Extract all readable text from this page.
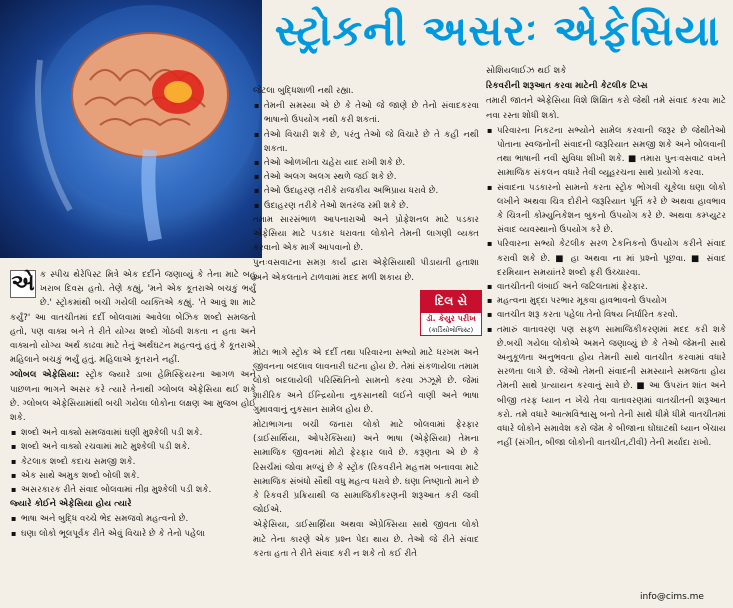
સ્ટ્રોકની અસરઃ એફેસિયા

એ ક સ્પીચ થેરેપિસ્ટ મિત્રે એક દર્દીને જણાવ્યું કે તેના માટે બહુ ખરાબ દિવસ હતો. તેણે કહ્યું, 'મને એક કૂતરાએ બચકું ભર્યું છે.' સ્ટ્રોકમાંથી બચી ગયેલી વ્યક્તિએ કહ્યું. 'તે આવું શા માટે કર્યું?' આ વાતચીતમાં દર્દી બોલવામાં આવેલા બેઝિક શબ્દો સમજતો હતો, પણ વાક્ય બને તે રીતે યોગ્ય શબ્દો ગોઠવી શકતા ન હતા અને વાક્યનો યોગ્ય અર્થ કાઢવા માટે તેનું અર્થઘટન મહત્વનું હતું કે કૂતરાએ મહિલાને બચકું ભર્યું હતું. મહિલાએ કૂતરાને નહીં.

ગ્લોબલ એફેસિયા: સ્ટ્રોક જ્યારે ડાબા હેમિસ્ફિયરના આગળ અને પાછળના ભાગને અસર કરે ત્યારે તેનાથી ગ્લોબલ એફેસિયા થઈ શકે છે. ગ્લોબલ એફેસિયામાંથી બચી ગયેલા લોકોના લક્ષણ આ મુજબ હોઈ શકે.

▪ શબ્દો અને વાક્યો સમજવામાં ઘણી મુશ્કેલી પડી શકે.
▪ શબ્દો અને વાક્યો રચવામાં માટે મુશ્કેલી પડી શકે.
▪ કેટલાક શબ્દો કદાચ સમજી શકે.
▪ એક સાથે અમુક શબ્દો બોલી શકે.
▪ અસરકારક રીતે સંવાદ બોલવામાં તીવ્ર મુશ્કેલી પડી શકે.

જ્યારે કોઈને એફેસિયા હોય ત્યારે

▪ ભાષા અને બુદ્ધિ વચ્ચે ભેદ સમજવો મહત્વનો છે.
▪ ઘણા લોકો ભૂલપૂર્વક રીતે એવું વિચારે છે કે તેનો પહેલા

જેટલા બુદ્ધિશાળી નથી રહ્યા.

▪ તેમની સમસ્યા એ છે કે તેઓ જે જાણે છે તેનો સંવાદકરવા ભાષાનો ઉપયોગ નથી કરી શકતાં.
▪ તેઓ વિચારી શકે છે, પરંતુ તેઓ જે વિચારે છે તે કહી નથી શકતા.
▪ તેઓ ઓળખીતા ચહેરા યાદ રાખી શકે છે.
▪ તેઓ અલગ અલગ સ્થળે જઈ શકે છે.
▪ તેઓ ઉદાહરણ તરીકે રાજકીય અભિપ્રાય ધરાવે છે.
▪ ઉદાહરણ તરીકે તેઓ શતરંજ રમી શકે છે.

તમામ સારસંભાળ આપનારાઓ અને પ્રોફેશનલ માટે પડકાર એફેસિયા માટે પડકાર ધરાવતા લોકોને તેમની લાગણી વ્યક્ત કરવાનો એક માર્ગ આપવાનો છે.

પુનઃવસવાટના સમગ્ર કાર્ય દ્વારા એફેસિયાથી પીડાયતી હતાશા અને એકલતાને ટાળવામાં મદદ મળી શકાય છે.

દિલ સે
ડૉ. કેયુર પરીખ
(કાર્ડિયોલોજિસ્ટ)

મોટા ભાગે સ્ટ્રોક એ દર્દી તથા પરિવારના સભ્યો માટે ધરખમ અને જીવનના બદલાવ લાવનારી ઘટના હોય છે. તેમાં સંકળાયેલા તમામ લોકો બદલાયેલી પરિસ્થિતિનો સામનો કરવા ઝઝૂમે છે. જેમાં શારીરિક અને ઈન્દ્રિયોના નુકસાનથી લઈને વાણી અને ભાષા ગુમાવવાનું નુકસાન સામેલ હોય છે.

મોટાભાગના બચી જનારા લોકો માટે બોલવામાં ફેરફાર (ડાઈસાર્થિયા, ઓપરેક્સિયા) અને ભાષા (એફેસિયા) તેમના સામાજિક જીવનમાં મોટો ફેરફાર લાવે છે. કરૂણતા એ છે કે રિસર્ચમાં જોવા મળ્યું છે કે સ્ટ્રોક (રિકવરીને મહત્તમ બનાવવા માટે સામાજિક સંબંધો સૌથી વધુ મહત્વ ધરાવે છે. ઘણા નિષ્ણાતો માને છે કે રિકવરી પ્રક્રિયાથી જ સામાજિકીકરણની શરૂઆત કરી જવી જોઈએ.

એફેસિયા, ડાઈસાર્થ્રિયા અથવા એપ્રેક્સિયા સાથે જીવતા લોકો માટે તેના કારણે એક પ્રશ્ન પેદા થાય છે. તેઓ જે રીતે સંવાદ કરતા હતા તે રીતે સંવાદ કરી ન શકે તો કઈ રીતે

સોશિયલાઈઝ થઈ શકે

રિકવરીની શરૂઆત કરવા માટેની કેટલીક ટિપ્સ

તમારી જાતને એફેસિયા વિશે શિક્ષિત કરો જેથી તમે સંવાદ કરવા માટે નવા રસ્તા શોધી શકો.

▪ પરિવારના નિકટના સભ્યોને સામેલ કરવાની જરૂર છે જેથીતેઓ પોતાના સ્વજનોની સંવાદની જરૂરિયાત સમજી શકે અને બોલવાની તથા ભાષાની નવી સુવિધા શીખી શકે. ■ તમારા પુનઃવસવાટ વખતે સામાજિક સંકલન વધારે તેવી વ્યૂહરચના સાથે પ્રયોગો કરવા.
▪ સંવાદના પડકારનો સામનો કરતા સ્ટ્રોક ભોગવી ચૂકેલા ઘણા લોકો લખીને અથવા ચિત્ર દોરીને જરૂરિયાત પૂર્તિ કરે છે અથવા હાવભાવ કે ચિત્રની કોમ્યુનિકેશન બુકનો ઉપયોગ કરે છે. અથવા કમ્પ્યુટર સંવાદ વ્યવસ્થાનો ઉપયોગ કરે છે.
▪ પરિવારના સભ્યો કેટલીક સરળ ટેકનિકનો ઉપયોગ કરીને સંવાદ કરાવી શકે છે. ■ હા અથવા ના માં પ્રશ્નો પૂછવા. ■ સંવાદ દરમિયાન સમયાંતરે શબ્દો ફરી ઉચ્ચારવા.
▪ વાતચીતની લંબાઈ અને જટિલતામાં ફેરફાર.
▪ મહત્વના મુદ્દા પરભાર મૂકવા હાવભાવનો ઉપયોગ
▪ વાતચીત શરૂ કરતા પહેલા તેનો વિષય નિર્ધારિત કરવો.
▪ તમારું વાતાવરણ પણ સફળ સામાજિકીકરણમાં મદદ કરી શકે છે.બચી ગયેલા લોકોએ અમને જણાવ્યું છે કે તેઓ જેમની સાથે અનુકૂળતા અનુભવતા હોય તેમની સાથે વાતચીત કરવામાં વધારે સરળતા લાગે છે. જેઓ તેમની સંવાદની સમસ્યાને સમજતા હોય તેમની સાથે પ્રત્યાયન કરવાનું સાવે છે. ■ આ ઉપરાંત શાંત અને બીજી તરફ ધ્યાન ન ખેંચે તેવા વાતાવરણમાં વાતચીતની શરૂઆત કરો. તમે વધારે આત્મવિશ્વાસુ બનો તેની સાથે ધીમે ધીમે વાતચીતમાં વધારે લોકોને સમાવેશ કરો જેમ કે બીજાના ઘોંઘાટથી ધ્યાન બેંચાય નહીં (સંગીત, બીજા લોકોની વાતચીત,ટીવી) તેની મર્યાદા રાખો.
info@cims.me
